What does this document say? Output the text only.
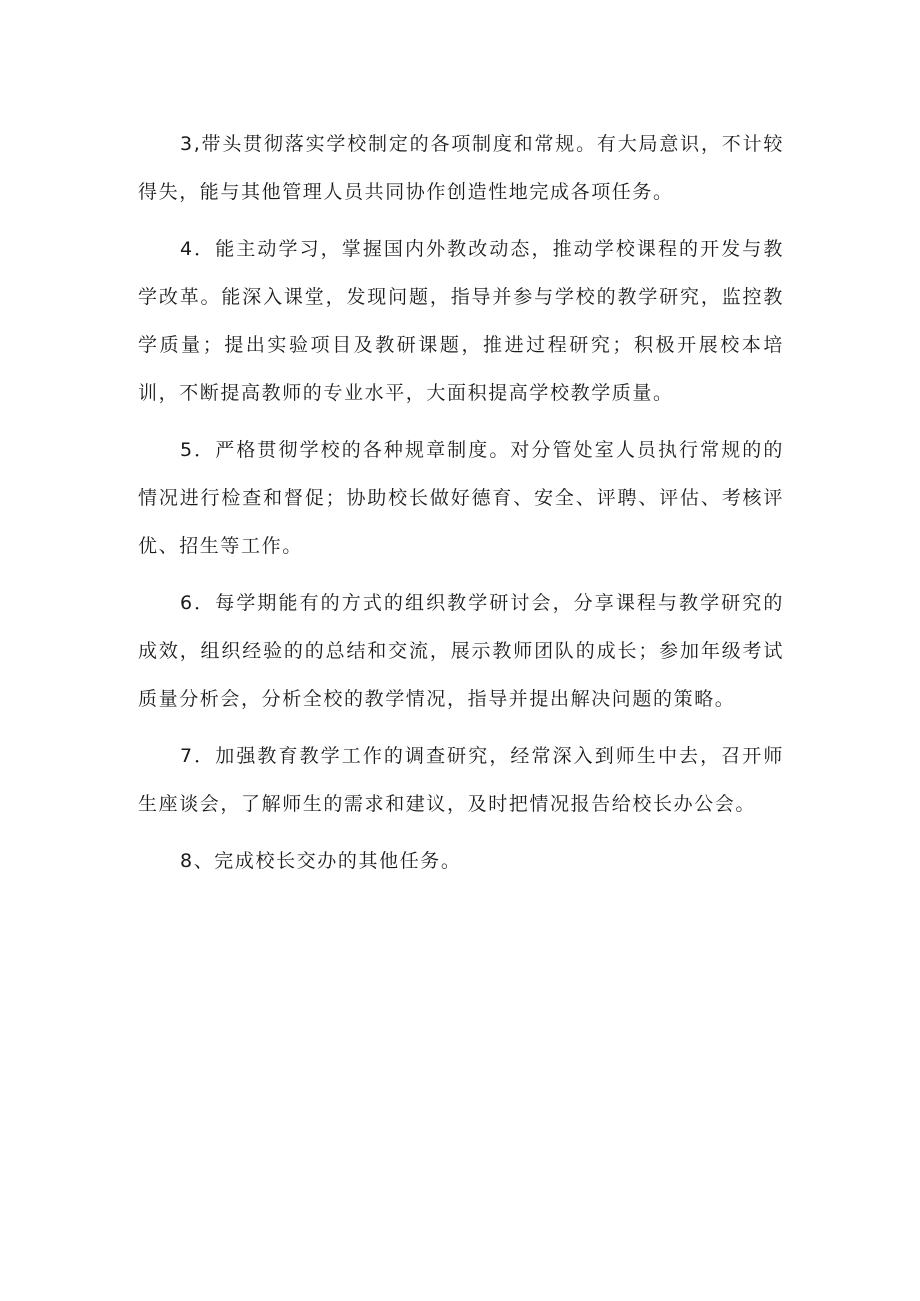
3,带头贯彻落实学校制定的各项制度和常规。有大局意识，不计较得失，能与其他管理人员共同协作创造性地完成各项任务。

4．能主动学习，掌握国内外教改动态，推动学校课程的开发与教学改革。能深入课堂，发现问题，指导并参与学校的教学研究，监控教学质量；提出实验项目及教研课题，推进过程研究；积极开展校本培训，不断提高教师的专业水平，大面积提高学校教学质量。

5．严格贯彻学校的各种规章制度。对分管处室人员执行常规的的情况进行检查和督促；协助校长做好德育、安全、评聘、评估、考核评优、招生等工作。

6．每学期能有的方式的组织教学研讨会，分享课程与教学研究的成效，组织经验的的总结和交流，展示教师团队的成长；参加年级考试质量分析会，分析全校的教学情况，指导并提出解决问题的策略。

7．加强教育教学工作的调查研究，经常深入到师生中去，召开师生座谈会，了解师生的需求和建议，及时把情况报告给校长办公会。

8、完成校长交办的其他任务。
